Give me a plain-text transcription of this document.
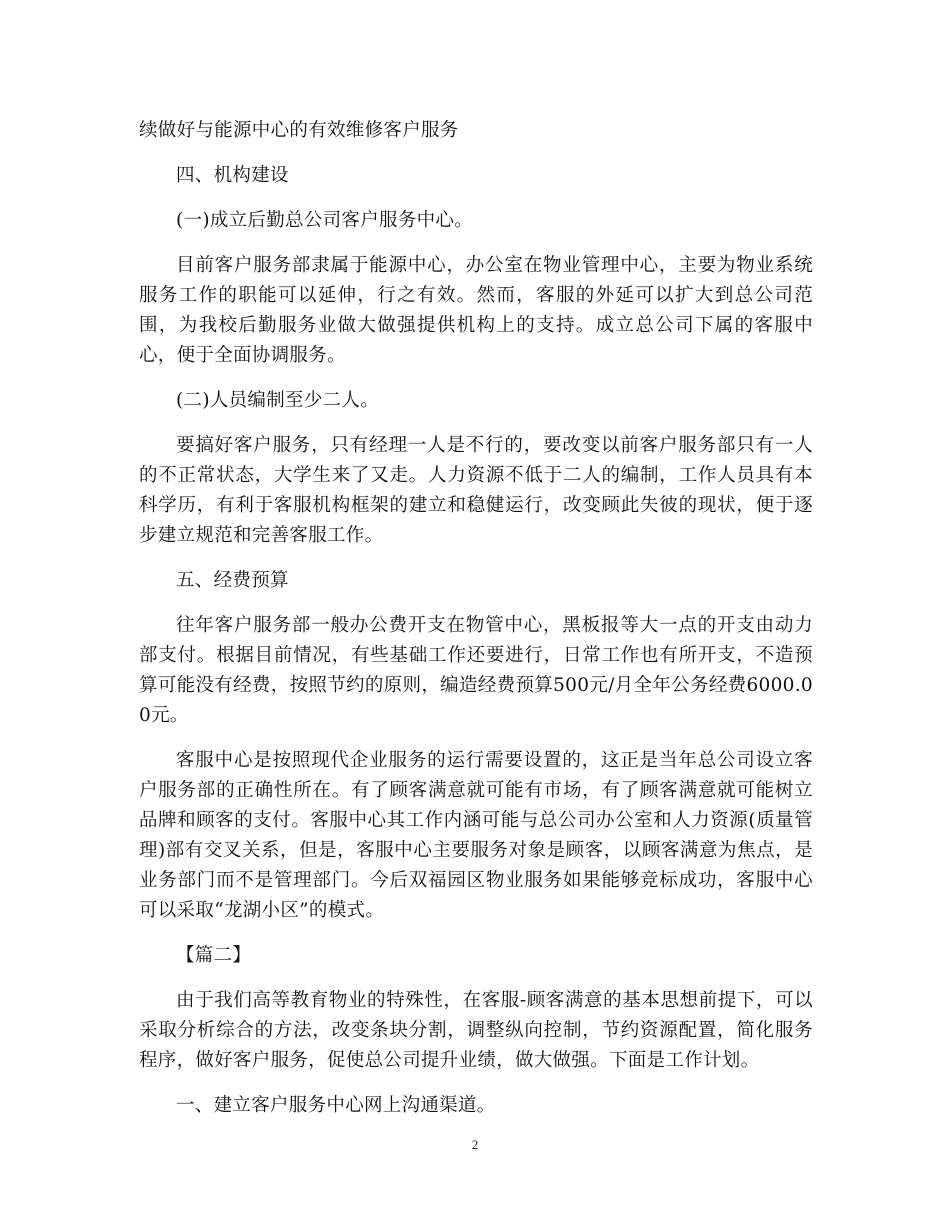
续做好与能源中心的有效维修客户服务

四、机构建设

(一)成立后勤总公司客户服务中心。

目前客户服务部隶属于能源中心，办公室在物业管理中心，主要为物业系统服务工作的职能可以延伸，行之有效。然而，客服的外延可以扩大到总公司范围，为我校后勤服务业做大做强提供机构上的支持。成立总公司下属的客服中心，便于全面协调服务。

(二)人员编制至少二人。

要搞好客户服务，只有经理一人是不行的，要改变以前客户服务部只有一人的不正常状态，大学生来了又走。人力资源不低于二人的编制，工作人员具有本科学历，有利于客服机构框架的建立和稳健运行，改变顾此失彼的现状，便于逐步建立规范和完善客服工作。

五、经费预算

往年客户服务部一般办公费开支在物管中心，黑板报等大一点的开支由动力部支付。根据目前情况，有些基础工作还要进行，日常工作也有所开支，不造预算可能没有经费，按照节约的原则，编造经费预算500元/月全年公务经费6000.00元。

客服中心是按照现代企业服务的运行需要设置的，这正是当年总公司设立客户服务部的正确性所在。有了顾客满意就可能有市场，有了顾客满意就可能树立品牌和顾客的支付。客服中心其工作内涵可能与总公司办公室和人力资源(质量管理)部有交叉关系，但是，客服中心主要服务对象是顾客，以顾客满意为焦点，是业务部门而不是管理部门。今后双福园区物业服务如果能够竞标成功，客服中心可以采取“龙湖小区”的模式。

【篇二】

由于我们高等教育物业的特殊性，在客服-顾客满意的基本思想前提下，可以采取分析综合的方法，改变条块分割，调整纵向控制，节约资源配置，简化服务程序，做好客户服务，促使总公司提升业绩，做大做强。下面是工作计划。

一、建立客户服务中心网上沟通渠道。

2
